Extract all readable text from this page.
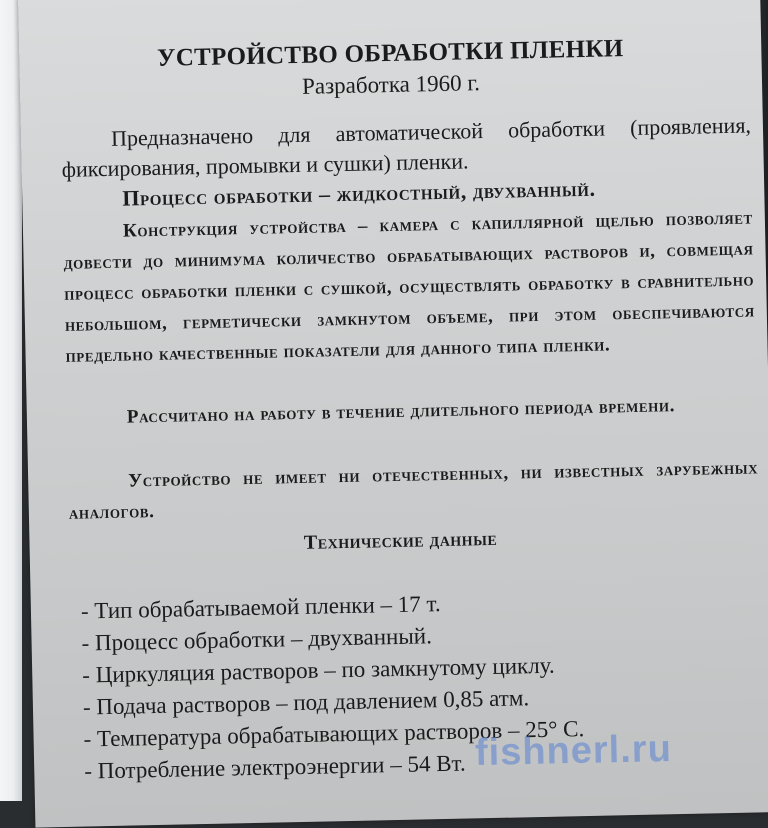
УСТРОЙСТВО ОБРАБОТКИ ПЛЕНКИ
Разработка 1960 г.
Предназначено для автоматической обработки (проявления, фиксирования, промывки и сушки) пленки.
Процесс обработки – жидкостный, двухванный.
Конструкция устройства – камера с капиллярной щелью позволяет довести до минимума количество обрабатывающих растворов и, совмещая процесс обработки пленки с сушкой, осуществлять обработку в сравнительно небольшом, герметически замкнутом объеме, при этом обеспечиваются предельно качественные показатели для данного типа пленки.
Рассчитано на работу в течение длительного периода времени.
Устройство не имеет ни отечественных, ни известных зарубежных аналогов.
Технические данные
- Тип обрабатываемой пленки – 17 т.
- Процесс обработки – двухванный.
- Циркуляция растворов – по замкнутому циклу.
- Подача растворов – под давлением 0,85 атм.
- Температура обрабатывающих растворов – 25° С.
- Потребление электроэнергии – 54 Вт. fishnerl.ru
